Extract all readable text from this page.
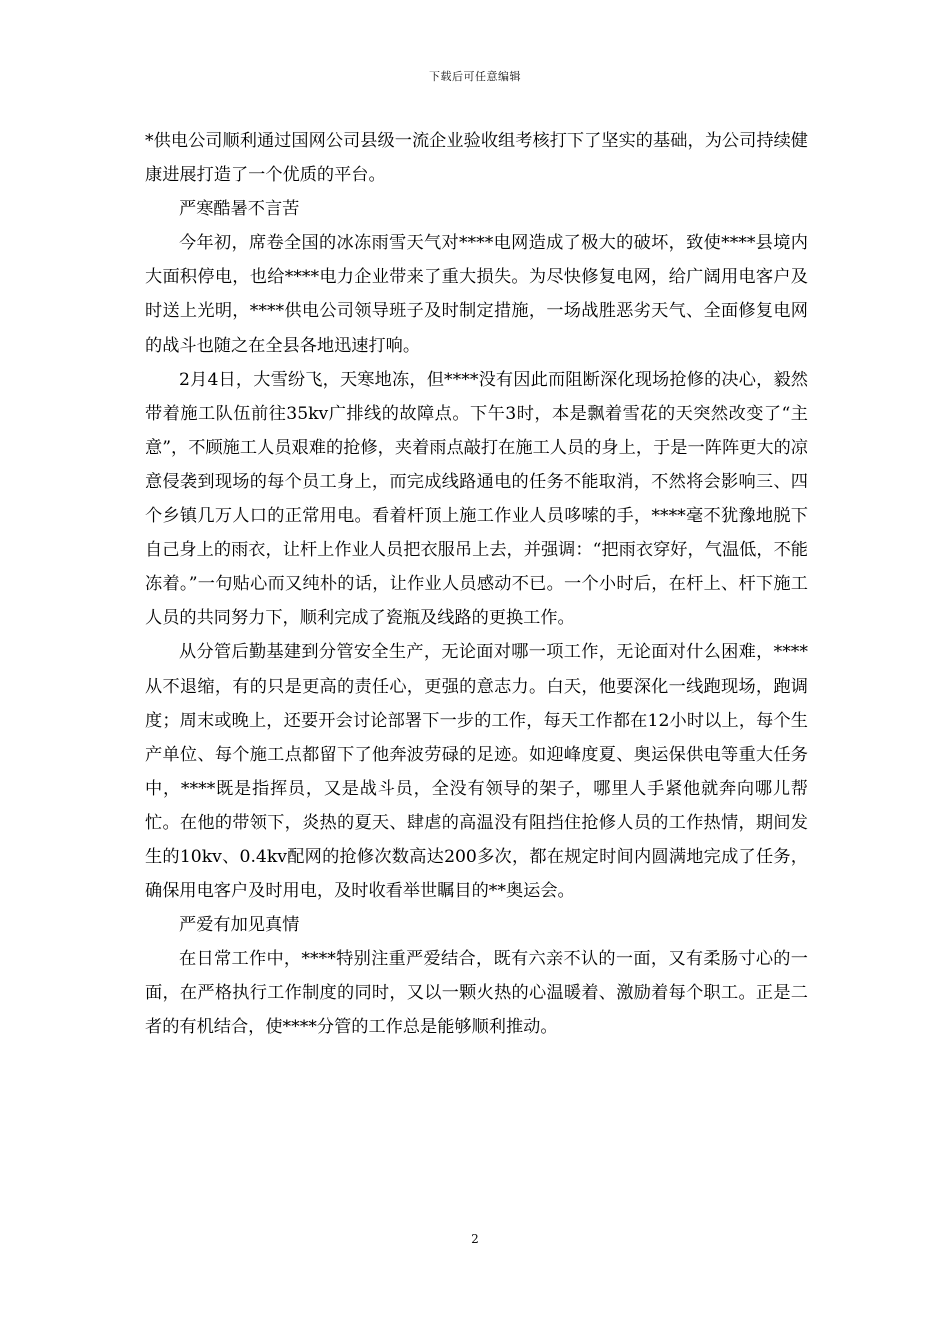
下载后可任意编辑

*供电公司顺利通过国网公司县级一流企业验收组考核打下了坚实的基础，为公司持续健康进展打造了一个优质的平台。

严寒酷暑不言苦

今年初，席卷全国的冰冻雨雪天气对****电网造成了极大的破坏，致使****县境内大面积停电，也给****电力企业带来了重大损失。为尽快修复电网，给广阔用电客户及时送上光明，****供电公司领导班子及时制定措施，一场战胜恶劣天气、全面修复电网的战斗也随之在全县各地迅速打响。

2月4日，大雪纷飞，天寒地冻，但****没有因此而阻断深化现场抢修的决心，毅然带着施工队伍前往35kv广排线的故障点。下午3时，本是飘着雪花的天突然改变了“主意”，不顾施工人员艰难的抢修，夹着雨点敲打在施工人员的身上，于是一阵阵更大的凉意侵袭到现场的每个员工身上，而完成线路通电的任务不能取消，不然将会影响三、四个乡镇几万人口的正常用电。看着杆顶上施工作业人员哆嗦的手，****毫不犹豫地脱下自己身上的雨衣，让杆上作业人员把衣服吊上去，并强调：“把雨衣穿好，气温低，不能冻着。”一句贴心而又纯朴的话，让作业人员感动不已。一个小时后，在杆上、杆下施工人员的共同努力下，顺利完成了瓷瓶及线路的更换工作。

从分管后勤基建到分管安全生产，无论面对哪一项工作，无论面对什么困难，****从不退缩，有的只是更高的责任心，更强的意志力。白天，他要深化一线跑现场，跑调度；周末或晚上，还要开会讨论部署下一步的工作，每天工作都在12小时以上，每个生产单位、每个施工点都留下了他奔波劳碌的足迹。如迎峰度夏、奥运保供电等重大任务中，****既是指挥员，又是战斗员，全没有领导的架子，哪里人手紧他就奔向哪儿帮忙。在他的带领下，炎热的夏天、肆虐的高温没有阻挡住抢修人员的工作热情，期间发生的10kv、0.4kv配网的抢修次数高达200多次，都在规定时间内圆满地完成了任务，确保用电客户及时用电，及时收看举世瞩目的**奥运会。

严爱有加见真情

在日常工作中，****特别注重严爱结合，既有六亲不认的一面，又有柔肠寸心的一面，在严格执行工作制度的同时，又以一颗火热的心温暖着、激励着每个职工。正是二者的有机结合，使****分管的工作总是能够顺利推动。

2
